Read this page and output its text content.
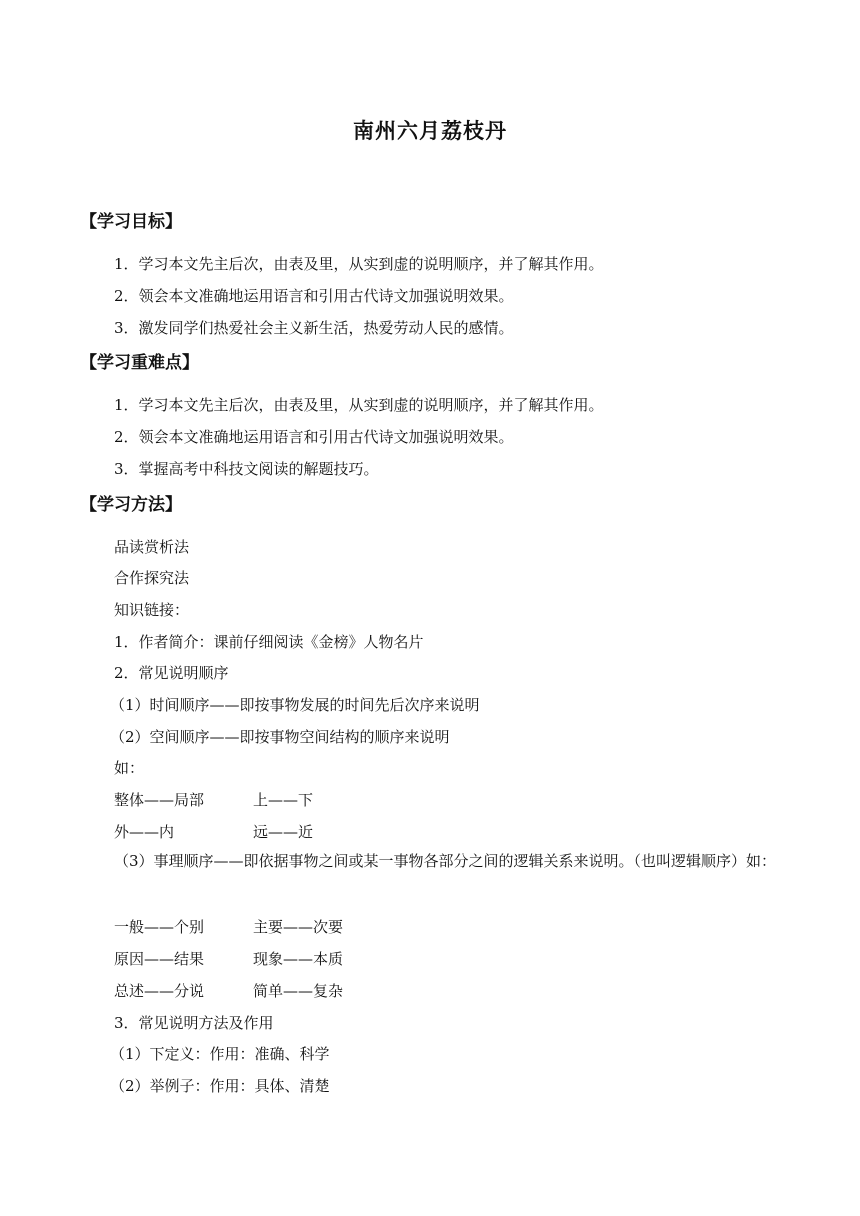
南州六月荔枝丹
【学习目标】
1．学习本文先主后次，由表及里，从实到虚的说明顺序，并了解其作用。
2．领会本文准确地运用语言和引用古代诗文加强说明效果。
3．激发同学们热爱社会主义新生活，热爱劳动人民的感情。
【学习重难点】
1．学习本文先主后次，由表及里，从实到虚的说明顺序，并了解其作用。
2．领会本文准确地运用语言和引用古代诗文加强说明效果。
3．掌握高考中科技文阅读的解题技巧。
【学习方法】
品读赏析法
合作探究法
知识链接：
1．作者简介：课前仔细阅读《金榜》人物名片
2．常见说明顺序
（1）时间顺序——即按事物发展的时间先后次序来说明
（2）空间顺序——即按事物空间结构的顺序来说明
如：
整体——局部	上——下
外——内	远——近
（3）事理顺序——即依据事物之间或某一事物各部分之间的逻辑关系来说明。（也叫逻辑顺序）如：
一般——个别	主要——次要
原因——结果	现象——本质
总述——分说	简单——复杂
3．常见说明方法及作用
（1）下定义：作用：准确、科学
（2）举例子：作用：具体、清楚
